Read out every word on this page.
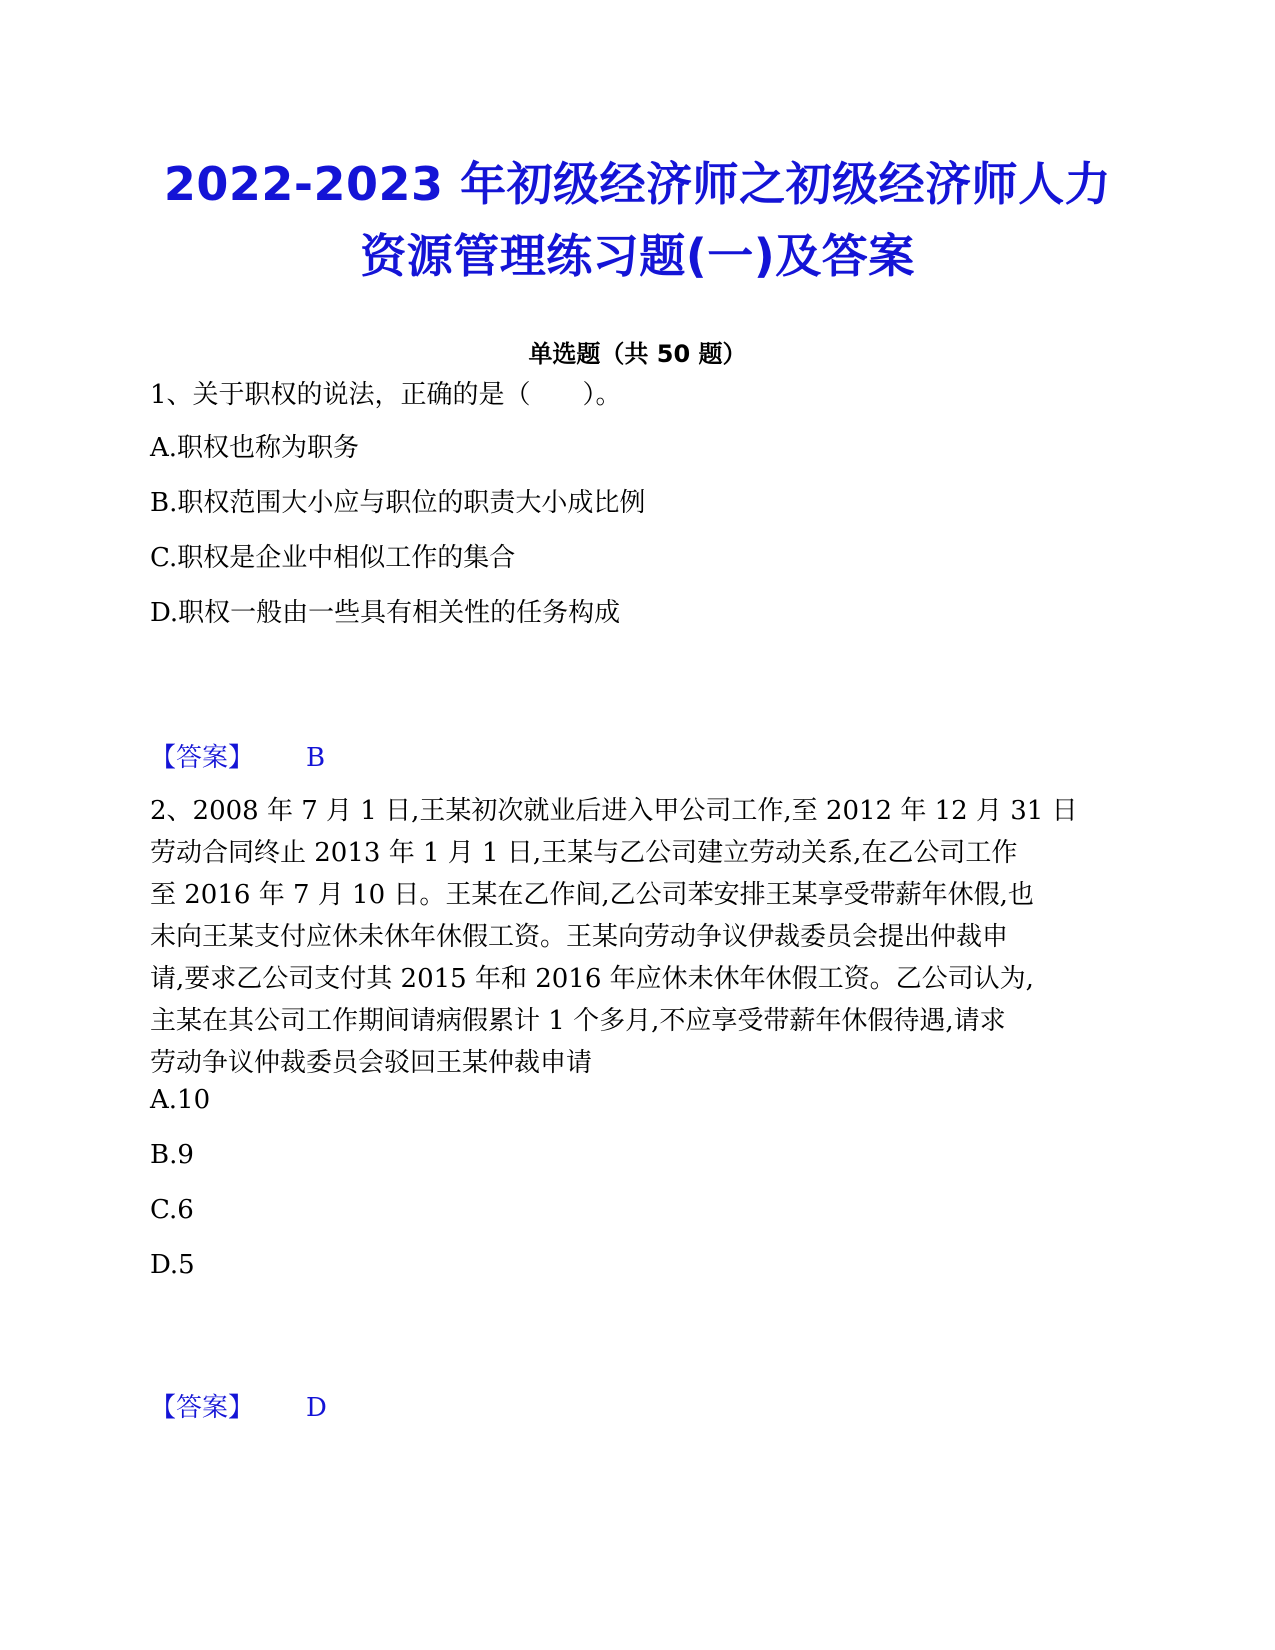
2022-2023 年初级经济师之初级经济师人力
资源管理练习题(一)及答案
单选题（共 50 题）
1、关于职权的说法，正确的是（　　）。
A.职权也称为职务
B.职权范围大小应与职位的职责大小成比例
C.职权是企业中相似工作的集合
D.职权一般由一些具有相关性的任务构成
【答案】 B
2、2008 年 7 月 1 日,王某初次就业后进入甲公司工作,至 2012 年 12 月 31 日
劳动合同终止 2013 年 1 月 1 日,王某与乙公司建立劳动关系,在乙公司工作
至 2016 年 7 月 10 日。王某在乙作间,乙公司苯安排王某享受带薪年休假,也
未向王某支付应休未休年休假工资。王某向劳动争议伊裁委员会提出仲裁申
请,要求乙公司支付其 2015 年和 2016 年应休未休年休假工资。乙公司认为,
主某在其公司工作期间请病假累计 1 个多月,不应享受带薪年休假待遇,请求
劳动争议仲裁委员会驳回王某仲裁申请
A.10
B.9
C.6
D.5
【答案】 D
